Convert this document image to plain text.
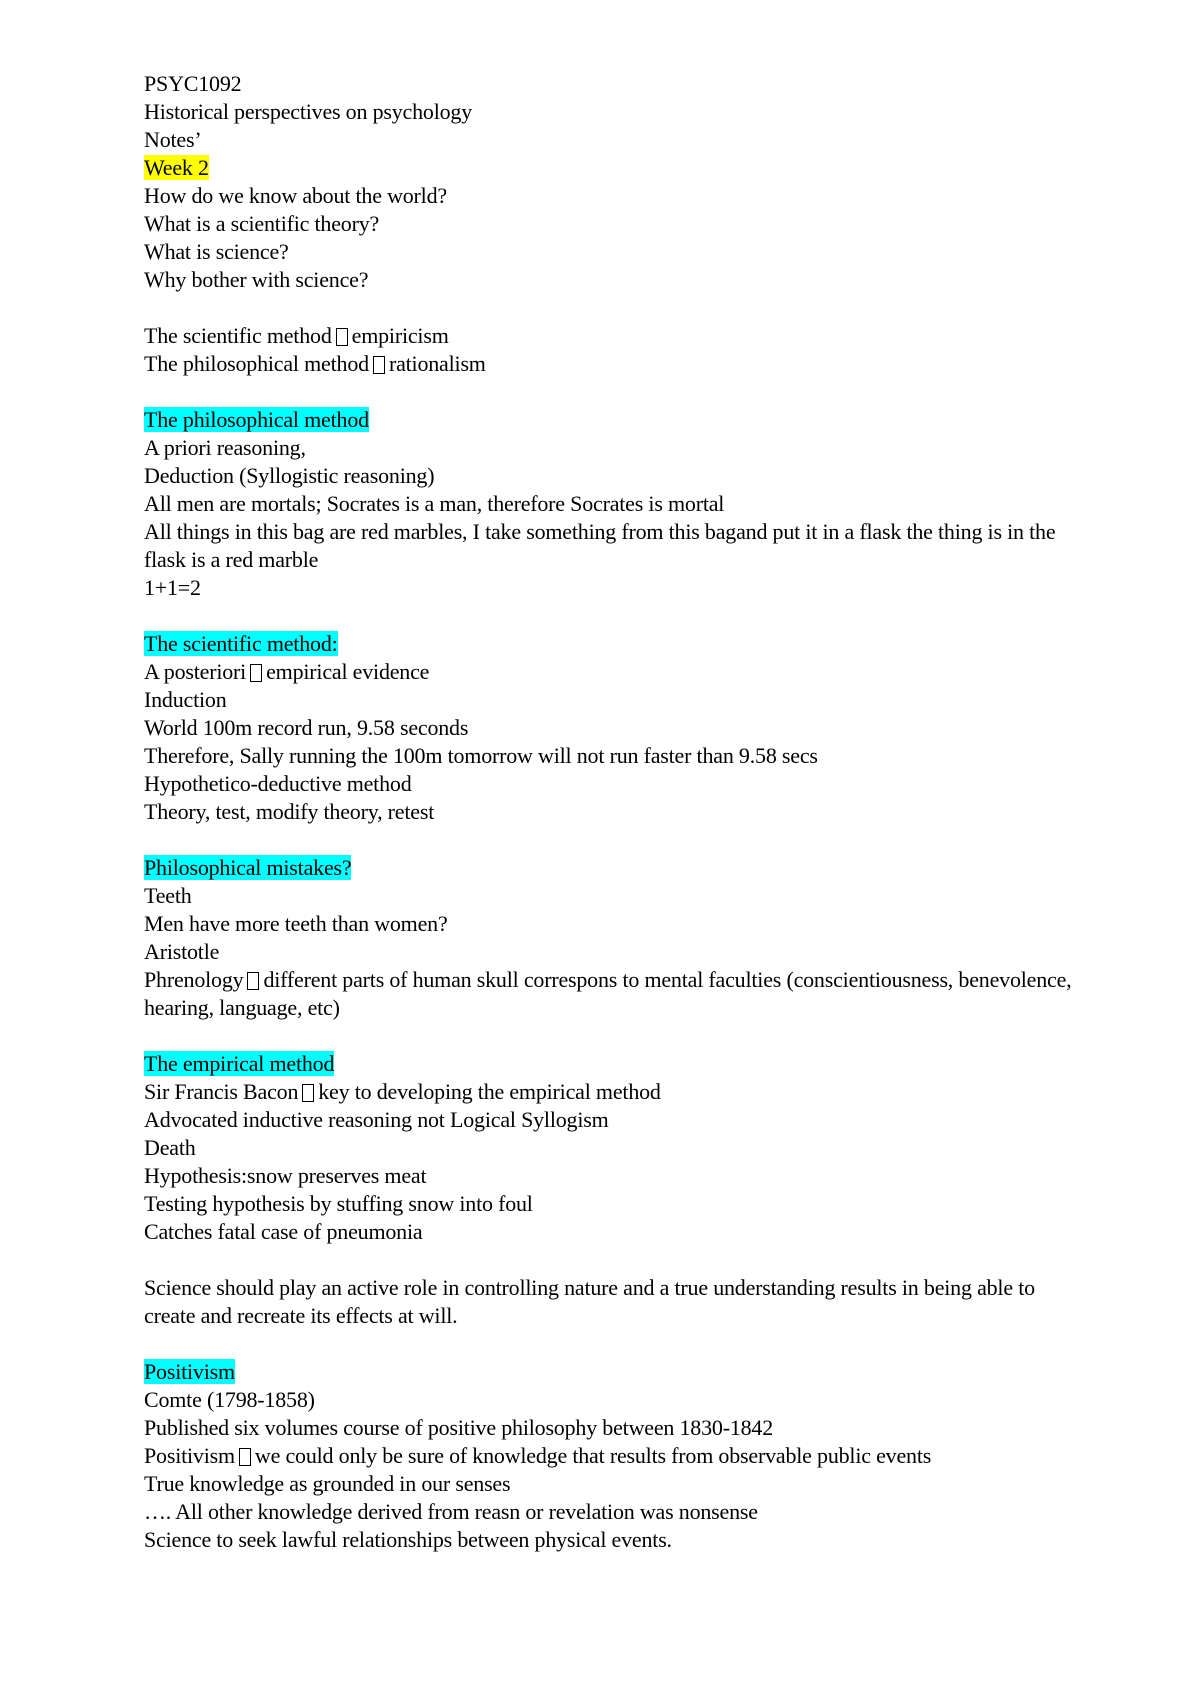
PSYC1092
Historical perspectives on psychology
Notes’
Week 2
How do we know about the world?
What is a scientific theory?
What is science?
Why bother with science?
The scientific method empiricism
The philosophical method rationalism
The philosophical method
A priori reasoning,
Deduction (Syllogistic reasoning)
All men are mortals; Socrates is a man, therefore Socrates is mortal
All things in this bag are red marbles, I take something from this bagand put it in a flask the thing is in the flask is a red marble
1+1=2
The scientific method:
A posteriori empirical evidence
Induction
World 100m record run, 9.58 seconds
Therefore, Sally running the 100m tomorrow will not run faster than 9.58 secs
Hypothetico-deductive method
Theory, test, modify theory, retest
Philosophical mistakes?
Teeth
Men have more teeth than women?
Aristotle
Phrenology different parts of human skull correspons to mental faculties (conscientiousness, benevolence, hearing, language, etc)
The empirical method
Sir Francis Bacon key to developing the empirical method
Advocated inductive reasoning not Logical Syllogism
Death
Hypothesis:snow preserves meat
Testing hypothesis by stuffing snow into foul
Catches fatal case of pneumonia
Science should play an active role in controlling nature and a true understanding results in being able to create and recreate its effects at will.
Positivism
Comte (1798-1858)
Published six volumes course of positive philosophy between 1830-1842
Positivism we could only be sure of knowledge that results from observable public events
True knowledge as grounded in our senses
…. All other knowledge derived from reasn or revelation was nonsense
Science to seek lawful relationships between physical events.
